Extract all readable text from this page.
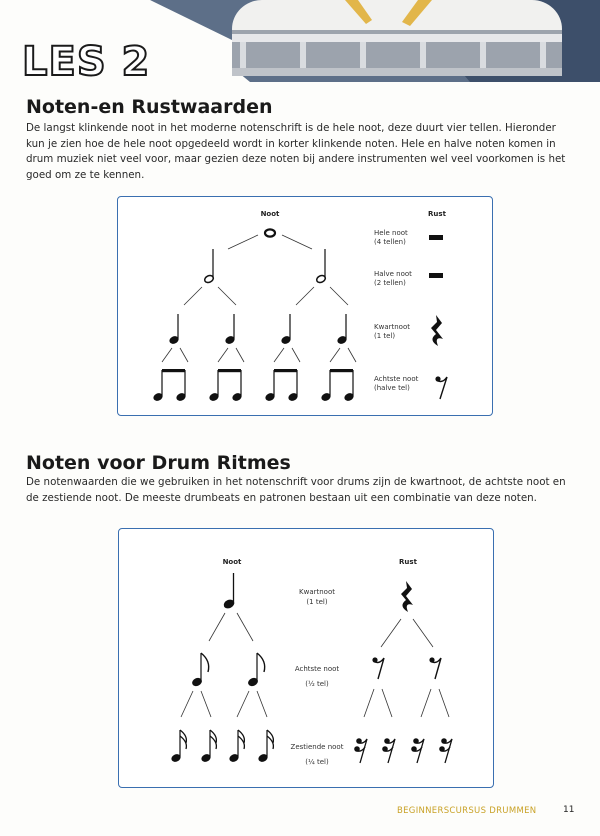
LES 2
Noten-en Rustwaarden

De langst klinkende noot in het moderne notenschrift is de hele noot, deze duurt vier tellen. Hieronder kun je zien hoe de hele noot opgedeeld wordt in korter klinkende noten. Hele en halve noten komen in drum muziek niet veel voor, maar gezien deze noten bij andere instrumenten wel veel voorkomen is het goed om ze te kennen.

Noot	Rust
Hele noot
(4 tellen)
Halve noot
(2 tellen)
Kwartnoot
(1 tel)
Achtste noot
(halve tel)
Noten voor Drum Ritmes

De notenwaarden die we gebruiken in het notenschrift voor drums zijn de kwartnoot, de achtste noot en de zestiende noot. De meeste drumbeats en patronen bestaan uit een combinatie van deze noten.

Noot	Rust
Kwartnoot
(1 tel)
Achtste noot
(½ tel)
Zestiende noot
(¼ tel)
BEGINNERSCURSUS DRUMMEN	11
